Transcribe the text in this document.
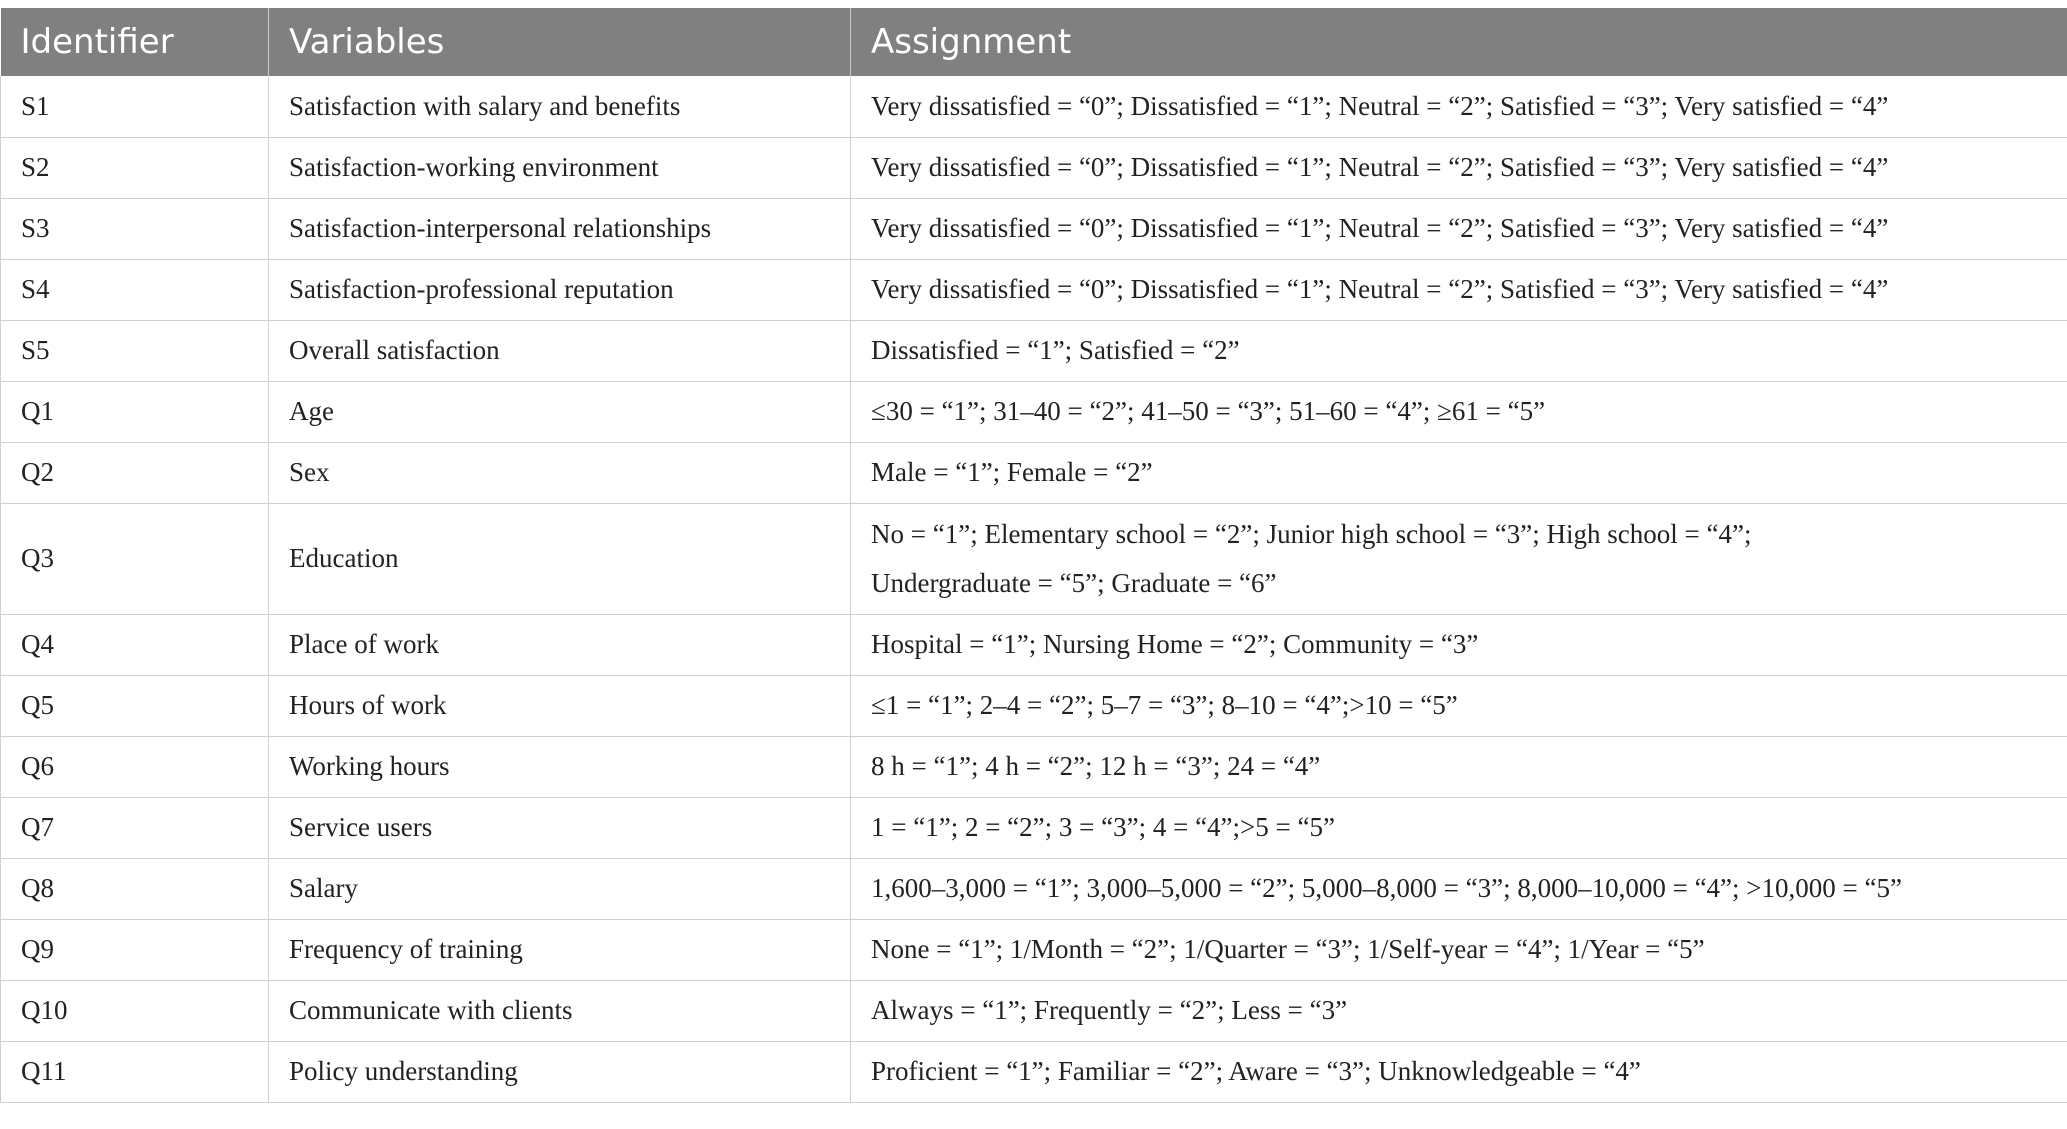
Identifier	Variables	Assignment
S1	Satisfaction with salary and benefits	Very dissatisfied = “0”; Dissatisfied = “1”; Neutral = “2”; Satisfied = “3”; Very satisfied = “4”

S2	Satisfaction-working environment	Very dissatisfied = “0”; Dissatisfied = “1”; Neutral = “2”; Satisfied = “3”; Very satisfied = “4”

S3	Satisfaction-interpersonal relationships	Very dissatisfied = “0”; Dissatisfied = “1”; Neutral = “2”; Satisfied = “3”; Very satisfied = “4”

S4	Satisfaction-professional reputation	Very dissatisfied = “0”; Dissatisfied = “1”; Neutral = “2”; Satisfied = “3”; Very satisfied = “4”

S5	Overall satisfaction	Dissatisfied = “1”; Satisfied = “2”

Q1	Age	≤30 = “1”; 31–40 = “2”; 41–50 = “3”; 51–60 = “4”; ≥61 = “5”

Q2	Sex	Male = “1”; Female = “2”

Q3	Education	No = “1”; Elementary school = “2”; Junior high school = “3”; High school = “4”;
Undergraduate = “5”; Graduate = “6”

Q4	Place of work	Hospital = “1”; Nursing Home = “2”; Community = “3”

Q5	Hours of work	≤1 = “1”; 2–4 = “2”; 5–7 = “3”; 8–10 = “4”;>10 = “5”

Q6	Working hours	8 h = “1”; 4 h = “2”; 12 h = “3”; 24 = “4”

Q7	Service users	1 = “1”; 2 = “2”; 3 = “3”; 4 = “4”;>5 = “5”

Q8	Salary	1,600–3,000 = “1”; 3,000–5,000 = “2”; 5,000–8,000 = “3”; 8,000–10,000 = “4”; >10,000 = “5”

Q9	Frequency of training	None = “1”; 1/Month = “2”; 1/Quarter = “3”; 1/Self-year = “4”; 1/Year = “5”

Q10	Communicate with clients	Always = “1”; Frequently = “2”; Less = “3”

Q11	Policy understanding	Proficient = “1”; Familiar = “2”; Aware = “3”; Unknowledgeable = “4”
